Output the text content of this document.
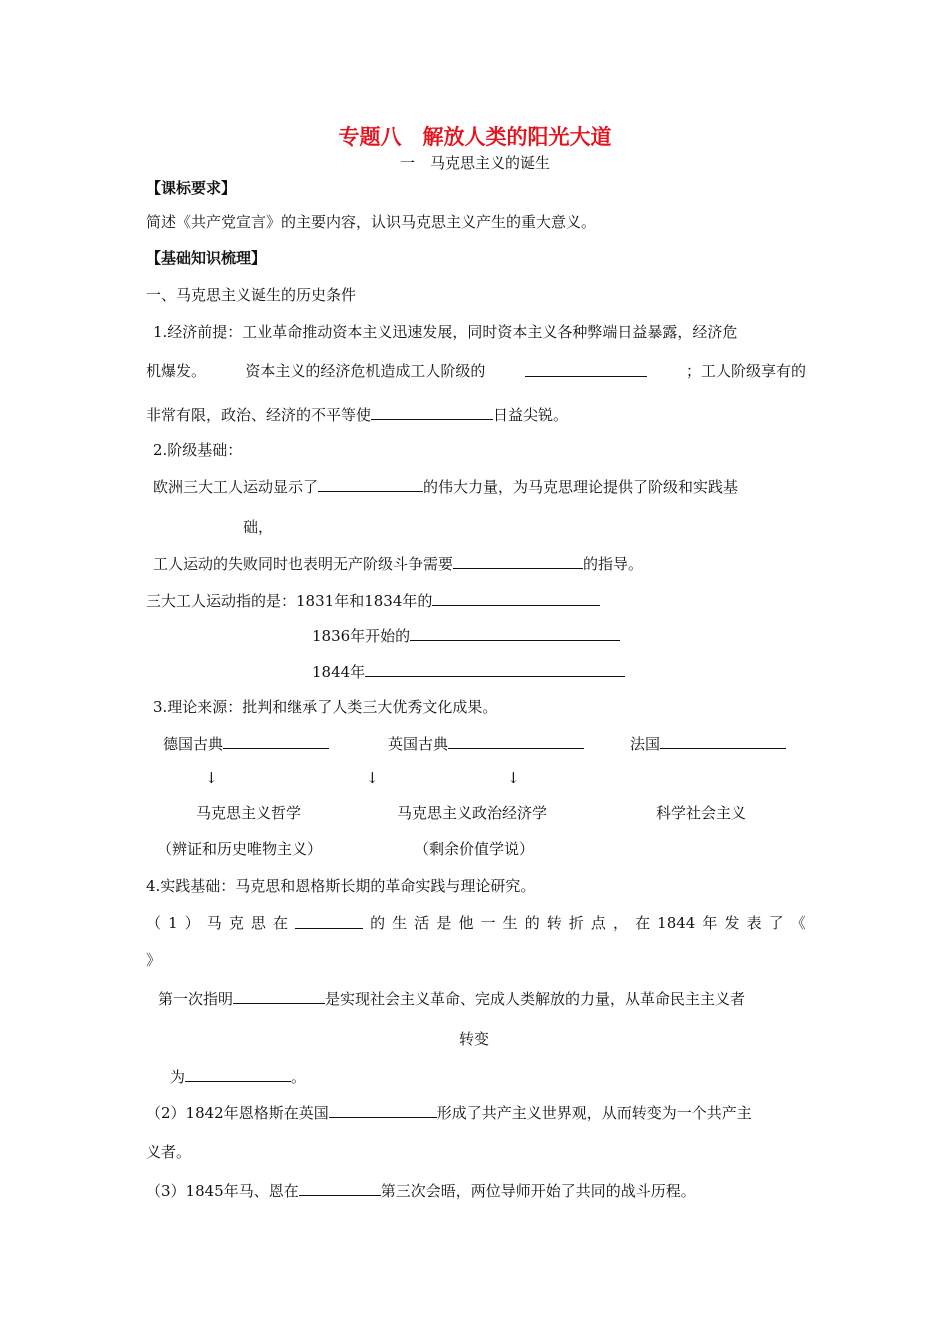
专题八　解放人类的阳光大道
一　马克思主义的诞生
【课标要求】
简述《共产党宣言》的主要内容，认识马克思主义产生的重大意义。
【基础知识梳理】
一、马克思主义诞生的历史条件
1.经济前提：工业革命推动资本主义迅速发展，同时资本主义各种弊端日益暴露，经济危
机爆发。	资本主义的经济危机造成工人阶级的	；工人阶级享有的
非常有限，政治、经济的不平等使	日益尖锐。
2.阶级基础：
欧洲三大工人运动显示了	的伟大力量，为马克思理论提供了阶级和实践基
础，
工人运动的失败同时也表明无产阶级斗争需要	的指导。
三大工人运动指的是：1831年和1834年的
1836年开始的
1844年
3.理论来源：批判和继承了人类三大优秀文化成果。
德国古典	英国古典	法国
↓	↓	↓
马克思主义哲学	马克思主义政治经济学	科学社会主义
（辨证和历史唯物主义）	（剩余价值学说）
4.实践基础：马克思和恩格斯长期的革命实践与理论研究。
（ 1 ） 马 克 思 在	的 生 活 是 他 一 生 的 转 折 点 ， 在 1844 年 发 表 了 《
》
第一次指明	是实现社会主义革命、完成人类解放的力量，从革命民主主义者
转变
为	。
（2）1842年恩格斯在英国	形成了共产主义世界观，从而转变为一个共产主
义者。
（3）1845年马、恩在	第三次会晤，两位导师开始了共同的战斗历程。
